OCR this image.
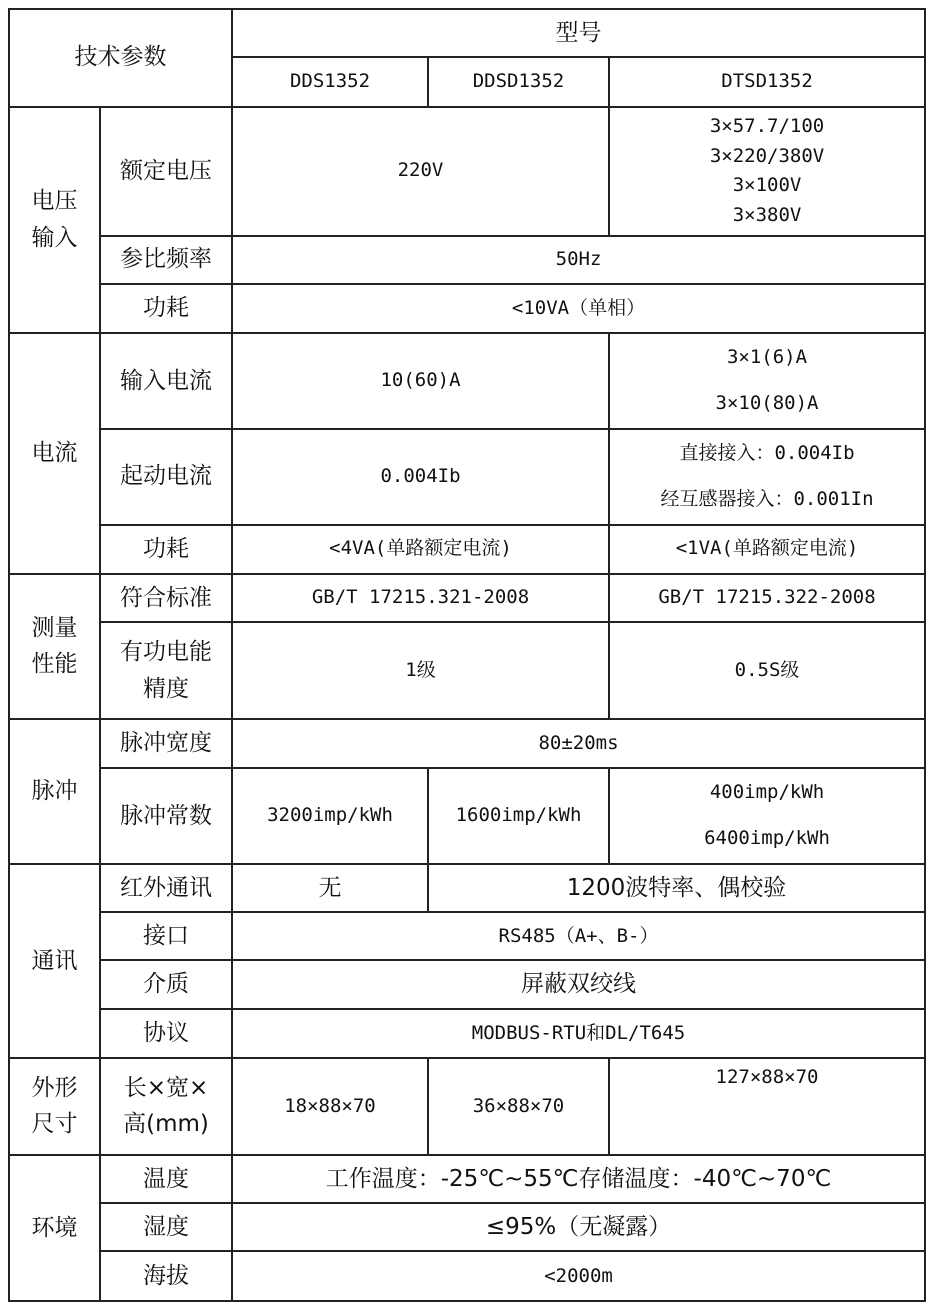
技术参数		型号		
		DDS1352	DDSD1352	DTSD1352

电压
输入	额定电压	220V		3×57.7/100
3×220/380V
3×100V
3×380V

	参比频率	50Hz		
	功耗	<10VA（单相）		
电流	输入电流	10(60)A		3×1(6)A
3×10(80)A

	起动电流	0.004Ib		直接接入：0.004Ib
经互感器接入：0.001In

	功耗	<4VA(单路额定电流)		<1VA(单路额定电流)

测量
性能	符合标准	GB/T 17215.321-2008		GB/T 17215.322-2008

	有功电能
精度	1级		0.5S级
脉冲	脉冲宽度	80±20ms		
	脉冲常数	3200imp/kWh	1600imp/kWh	400imp/kWh
6400imp/kWh

通讯	红外通讯	无	1200波特率、偶校验	
	接口	RS485（A+、B-）		
	介质	屏蔽双绞线		
	协议	MODBUS-RTU和DL/T645		

外形
尺寸	长×宽×
高(mm)	18×88×70	36×88×70	127×88×70
环境	温度	工作温度：-25℃~55℃存储温度：-40℃~70℃		
	湿度	≤95%（无凝露）		
	海拔	<2000m		
